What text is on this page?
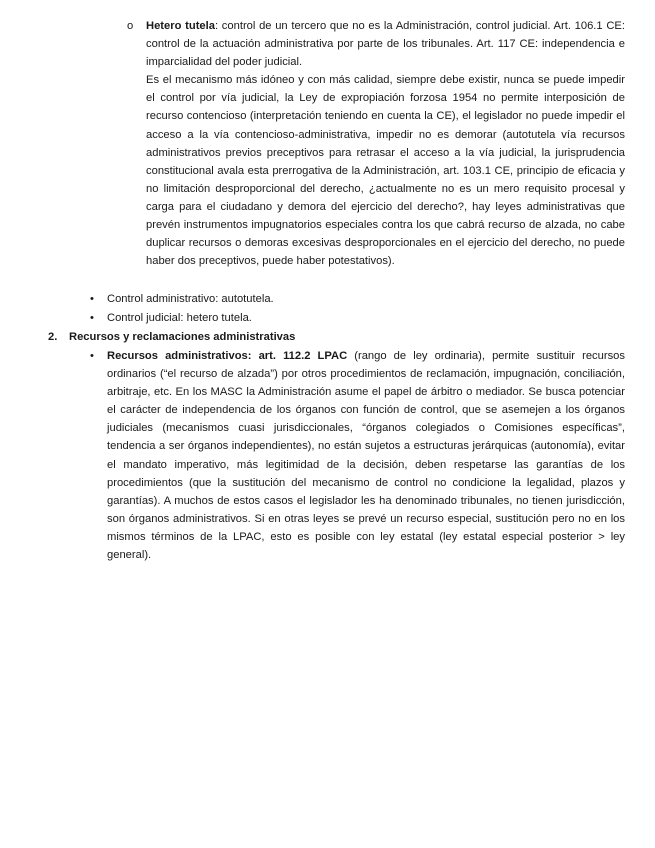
o Hetero tutela: control de un tercero que no es la Administración, control judicial. Art. 106.1 CE: control de la actuación administrativa por parte de los tribunales. Art. 117 CE: independencia e imparcialidad del poder judicial.

Es el mecanismo más idóneo y con más calidad, siempre debe existir, nunca se puede impedir el control por vía judicial, la Ley de expropiación forzosa 1954 no permite interposición de recurso contencioso (interpretación teniendo en cuenta la CE), el legislador no puede impedir el acceso a la vía contencioso-administrativa, impedir no es demorar (autotutela vía recursos administrativos previos preceptivos para retrasar el acceso a la vía judicial, la jurisprudencia constitucional avala esta prerrogativa de la Administración, art. 103.1 CE, principio de eficacia y no limitación desproporcional del derecho, ¿actualmente no es un mero requisito procesal y carga para el ciudadano y demora del ejercicio del derecho?, hay leyes administrativas que prevén instrumentos impugnatorios especiales contra los que cabrá recurso de alzada, no cabe duplicar recursos o demoras excesivas desproporcionales en el ejercicio del derecho, no puede haber dos preceptivos, puede haber potestativos).

• Control administrativo: autotutela.
• Control judicial: hetero tutela.
2. Recursos y reclamaciones administrativas
• Recursos administrativos: art. 112.2 LPAC (rango de ley ordinaria), permite sustituir recursos ordinarios (“el recurso de alzada”) por otros procedimientos de reclamación, impugnación, conciliación, arbitraje, etc. En los MASC la Administración asume el papel de árbitro o mediador. Se busca potenciar el carácter de independencia de los órganos con función de control, que se asemejen a los órganos judiciales (mecanismos cuasi jurisdiccionales, “órganos colegiados o Comisiones específicas”, tendencia a ser órganos independientes), no están sujetos a estructuras jerárquicas (autonomía), evitar el mandato imperativo, más legitimidad de la decisión, deben respetarse las garantías de los procedimientos (que la sustitución del mecanismo de control no condicione la legalidad, plazos y garantías). A muchos de estos casos el legislador les ha denominado tribunales, no tienen jurisdicción, son órganos administrativos. Si en otras leyes se prevé un recurso especial, sustitución pero no en los mismos términos de la LPAC, esto es posible con ley estatal (ley estatal especial posterior > ley general).
